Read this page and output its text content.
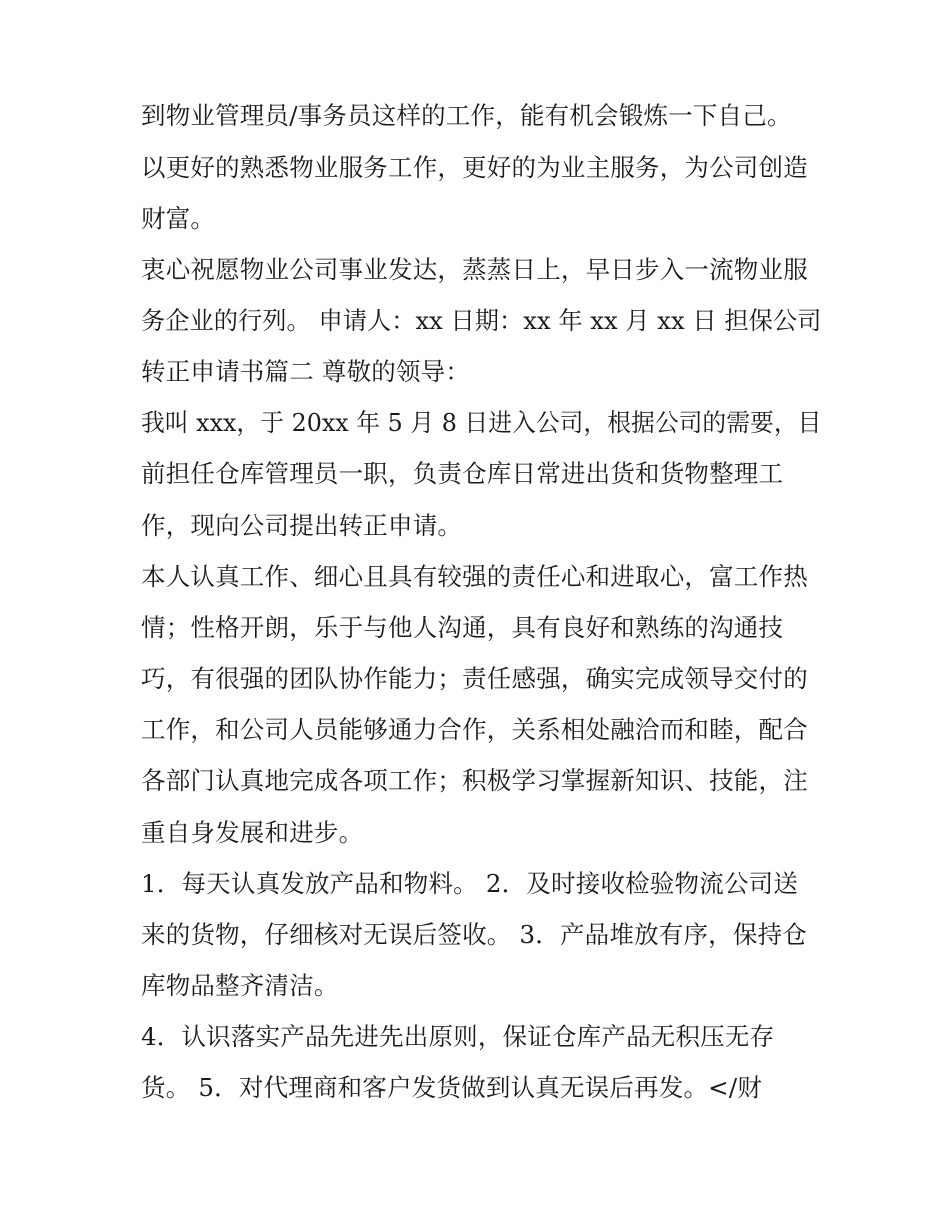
到物业管理员/事务员这样的工作，能有机会锻炼一下自己。
以更好的熟悉物业服务工作，更好的为业主服务，为公司创造
财富。
衷心祝愿物业公司事业发达，蒸蒸日上，早日步入一流物业服
务企业的行列。 申请人：xx 日期：xx 年 xx 月 xx 日 担保公司
转正申请书篇二 尊敬的领导：
我叫 xxx，于 20xx 年 5 月 8 日进入公司，根据公司的需要，目
前担任仓库管理员一职，负责仓库日常进出货和货物整理工
作，现向公司提出转正申请。
本人认真工作、细心且具有较强的责任心和进取心，富工作热
情；性格开朗，乐于与他人沟通，具有良好和熟练的沟通技
巧，有很强的团队协作能力；责任感强，确实完成领导交付的
工作，和公司人员能够通力合作，关系相处融洽而和睦，配合
各部门认真地完成各项工作；积极学习掌握新知识、技能，注
重自身发展和进步。
1．每天认真发放产品和物料。 2．及时接收检验物流公司送
来的货物，仔细核对无误后签收。 3．产品堆放有序，保持仓
库物品整齐清洁。
4．认识落实产品先进先出原则，保证仓库产品无积压无存
货。 5．对代理商和客户发货做到认真无误后再发。</财
